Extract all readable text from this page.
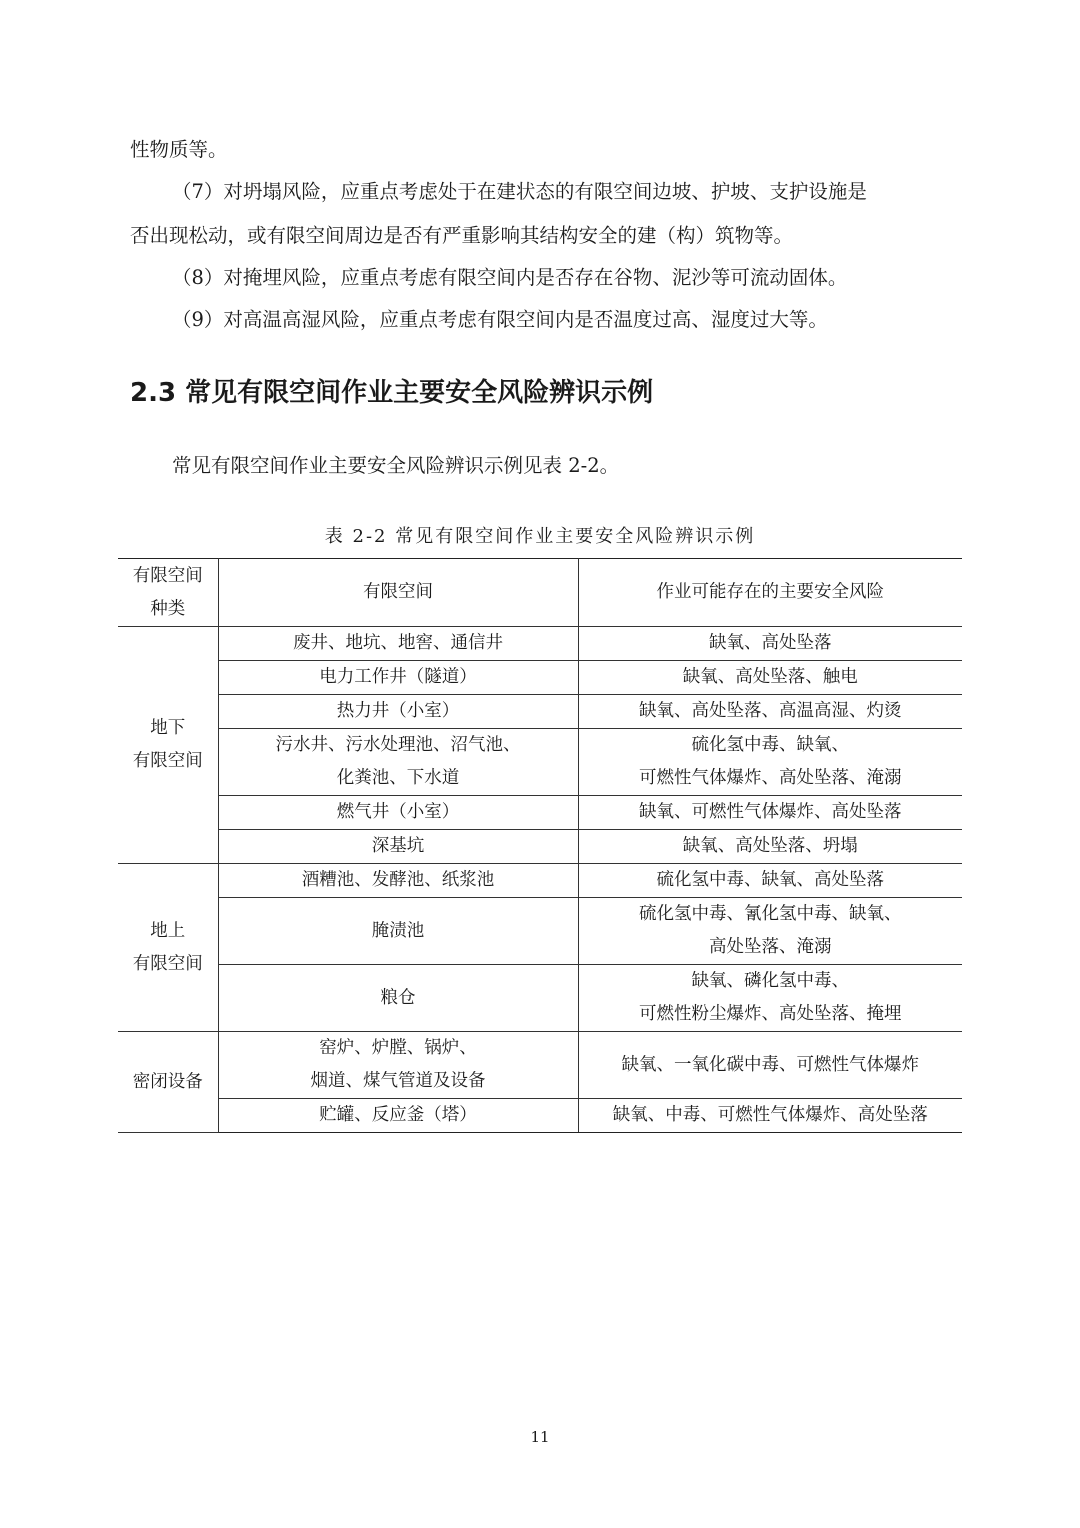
性物质等。

（7）对坍塌风险，应重点考虑处于在建状态的有限空间边坡、护坡、支护设施是

否出现松动，或有限空间周边是否有严重影响其结构安全的建（构）筑物等。

（8）对掩埋风险，应重点考虑有限空间内是否存在谷物、泥沙等可流动固体。

（9）对高温高湿风险，应重点考虑有限空间内是否温度过高、湿度过大等。

2.3 常见有限空间作业主要安全风险辨识示例

常见有限空间作业主要安全风险辨识示例见表 2-2。

表 2-2 常见有限空间作业主要安全风险辨识示例

有限空间
种类	有限空间	作业可能存在的主要安全风险

地下
有限空间	废井、地坑、地窖、通信井	缺氧、高处坠落

	电力工作井（隧道）	缺氧、高处坠落、触电

	热力井（小室）	缺氧、高处坠落、高温高湿、灼烫

	污水井、污水处理池、沼气池、
化粪池、下水道	硫化氢中毒、缺氧、
可燃性气体爆炸、高处坠落、淹溺

	燃气井（小室）	缺氧、可燃性气体爆炸、高处坠落

	深基坑	缺氧、高处坠落、坍塌

地上
有限空间	酒糟池、发酵池、纸浆池	硫化氢中毒、缺氧、高处坠落

	腌渍池	硫化氢中毒、氰化氢中毒、缺氧、
高处坠落、淹溺

	粮仓	缺氧、磷化氢中毒、
可燃性粉尘爆炸、高处坠落、掩埋

密闭设备	窑炉、炉膛、锅炉、
烟道、煤气管道及设备	缺氧、一氧化碳中毒、可燃性气体爆炸

	贮罐、反应釜（塔）	缺氧、中毒、可燃性气体爆炸、高处坠落

11
